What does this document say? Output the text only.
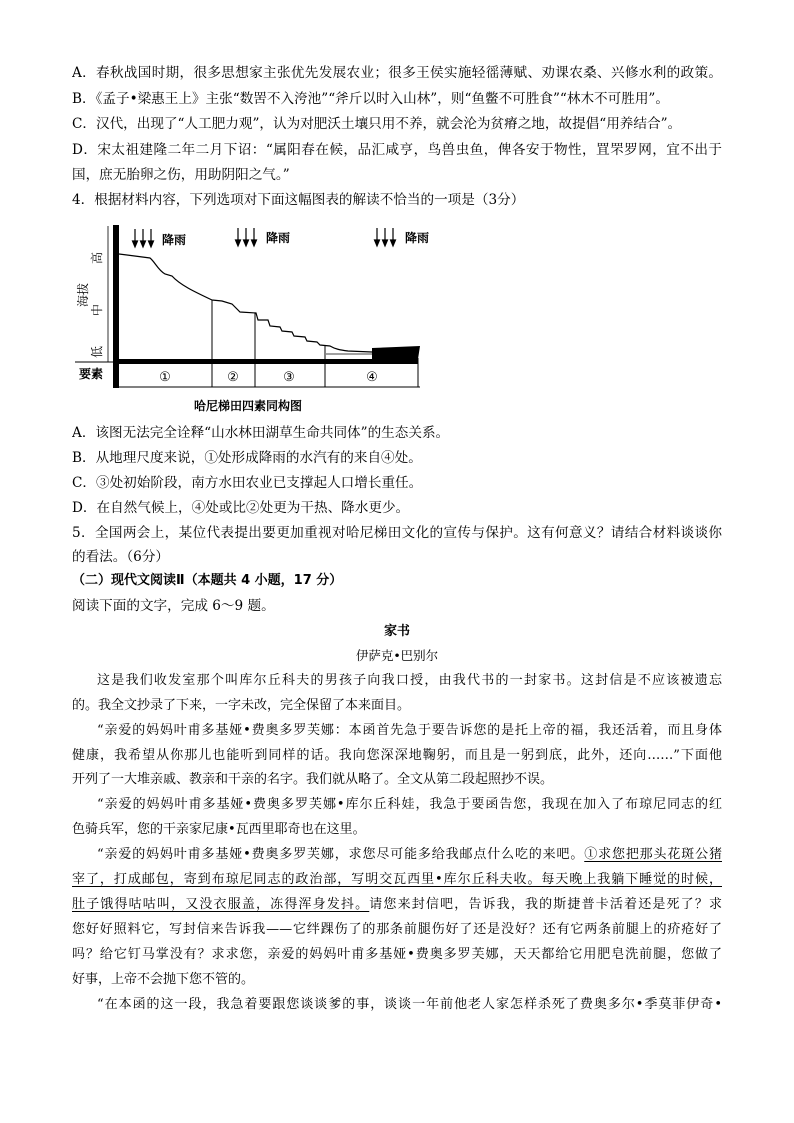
A．春秋战国时期，很多思想家主张优先发展农业；很多王侯实施轻徭薄赋、劝课农桑、兴修水利的政策。
B．《孟子•梁惠王上》主张“数罟不入洿池”“斧斤以时入山林”，则“鱼鳖不可胜食”“林木不可胜用”。
C．汉代，出现了“人工肥力观”，认为对肥沃土壤只用不养，就会沦为贫瘠之地，故提倡“用养结合”。
D．宋太祖建隆二年二月下诏：“属阳春在候，品汇咸亨，鸟兽虫鱼，俾各安于物性，罝罘罗网，宜不出于
国，庶无胎卵之伤，用助阴阳之气。”
4．根据材料内容，下列选项对下面这幅图表的解读不恰当的一项是（3分）
降雨	降雨	降雨
海拔
高
中
低
要素	①	②	③	④
哈尼梯田四素同构图
A．该图无法完全诠释“山水林田湖草生命共同体”的生态关系。
B．从地理尺度来说，①处形成降雨的水汽有的来自④处。
C．③处初始阶段，南方水田农业已支撑起人口增长重任。
D．在自然气候上，④处或比②处更为干热、降水更少。
5．全国两会上，某位代表提出要更加重视对哈尼梯田文化的宣传与保护。这有何意义？请结合材料谈谈你
的看法。（6分）
（二）现代文阅读Ⅱ（本题共 4 小题，17 分）
阅读下面的文字，完成 6～9 题。
家书
伊萨克•巴别尔
这是我们收发室那个叫库尔丘科夫的男孩子向我口授，由我代书的一封家书。这封信是不应该被遗忘
的。我全文抄录了下来，一字未改，完全保留了本来面目。
“亲爱的妈妈叶甫多基娅•费奥多罗芙娜：本函首先急于要告诉您的是托上帝的福，我还活着，而且身体
健康，我希望从你那儿也能听到同样的话。我向您深深地鞠躬，而且是一躬到底，此外，还向……”下面他
开列了一大堆亲戚、教亲和干亲的名字。我们就从略了。全文从第二段起照抄不误。
“亲爱的妈妈叶甫多基娅•费奥多罗芙娜•库尔丘科娃，我急于要函告您，我现在加入了布琼尼同志的红
色骑兵军，您的干亲家尼康•瓦西里耶奇也在这里。
“亲爱的妈妈叶甫多基娅•费奥多罗芙娜，求您尽可能多给我邮点什么吃的来吧。①求您把那头花斑公猪
宰了，打成邮包，寄到布琼尼同志的政治部，写明交瓦西里•库尔丘科夫收。每天晚上我躺下睡觉的时候，
肚子饿得咕咕叫，又没衣服盖，冻得浑身发抖。请您来封信吧，告诉我，我的斯捷普卡活着还是死了？求
您好好照料它，写封信来告诉我——它绊踝伤了的那条前腿伤好了还是没好？还有它两条前腿上的疥疮好了
吗？给它钉马掌没有？求求您，亲爱的妈妈叶甫多基娅•费奥多罗芙娜，天天都给它用肥皂洗前腿，您做了
好事，上帝不会抛下您不管的。
“在本函的这一段，我急着要跟您谈谈爹的事，谈谈一年前他老人家怎样杀死了费奥多尔•季莫菲伊奇•
